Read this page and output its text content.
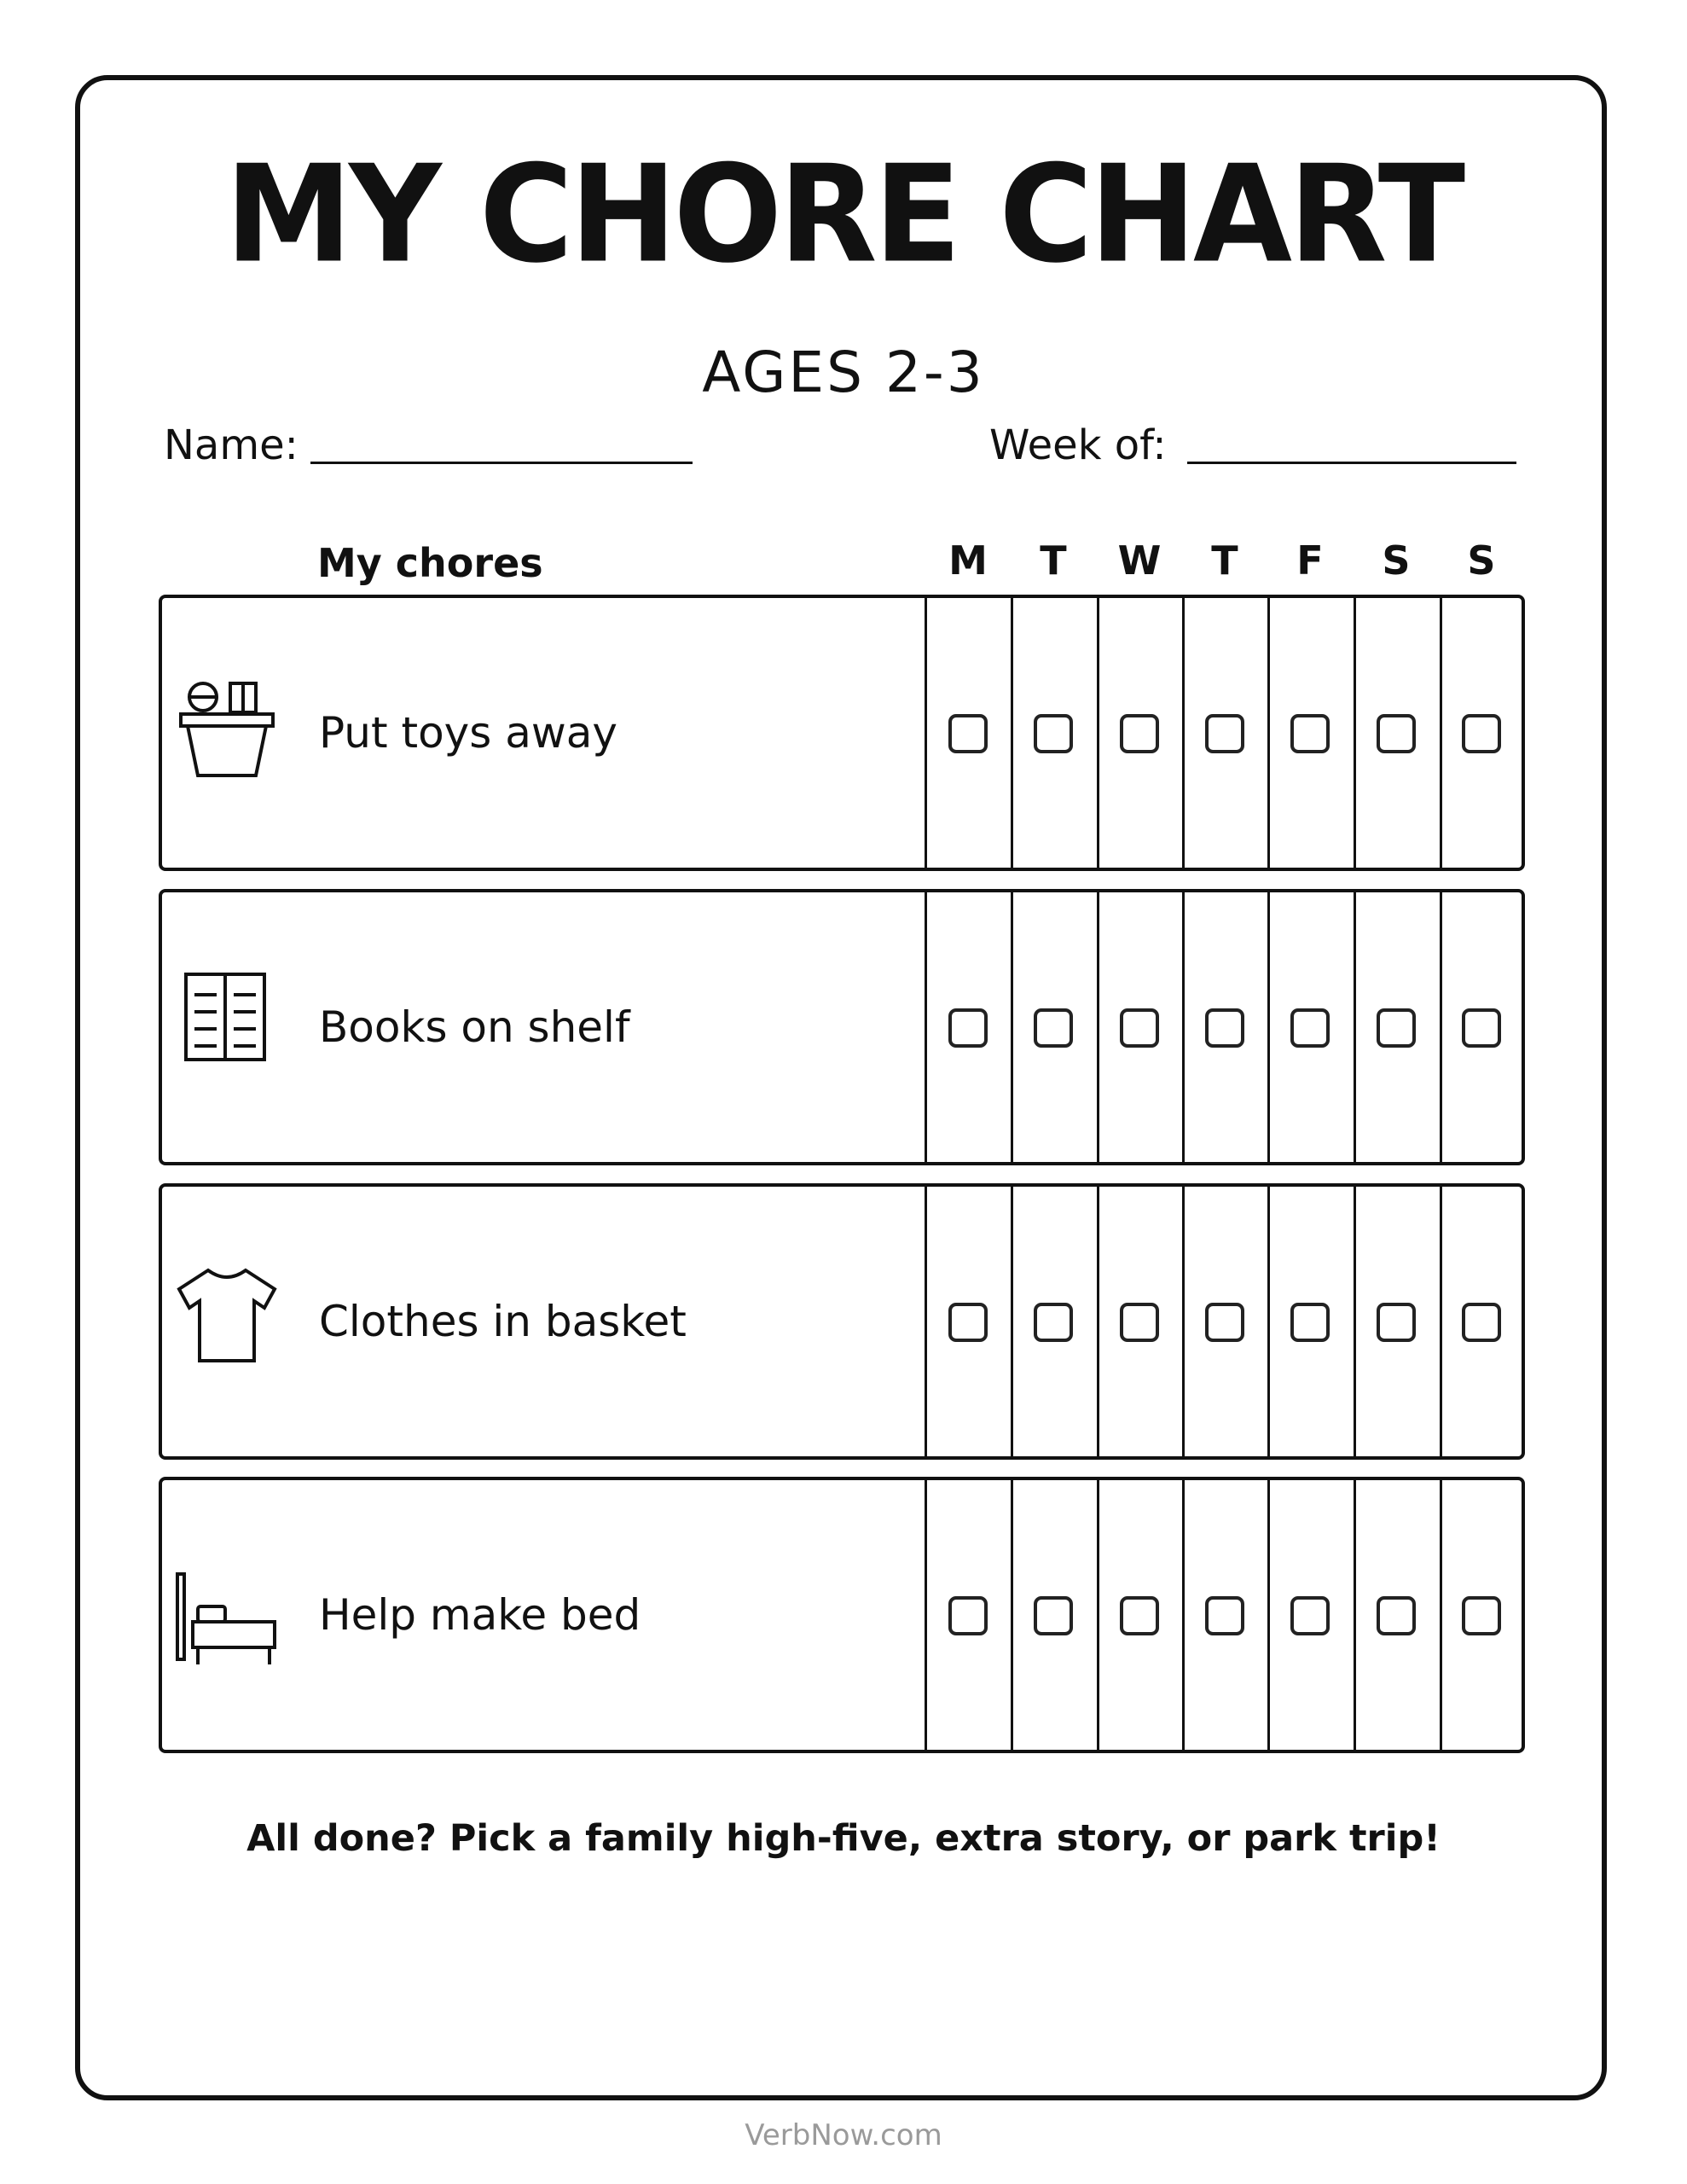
MY CHORE CHART
AGES 2-3
Name:	Week of:
My chores	M	T	W	T	F	S	S
Put toys away
Books on shelf
Clothes in basket
Help make bed
All done? Pick a family high-five, extra story, or park trip!
VerbNow.com
